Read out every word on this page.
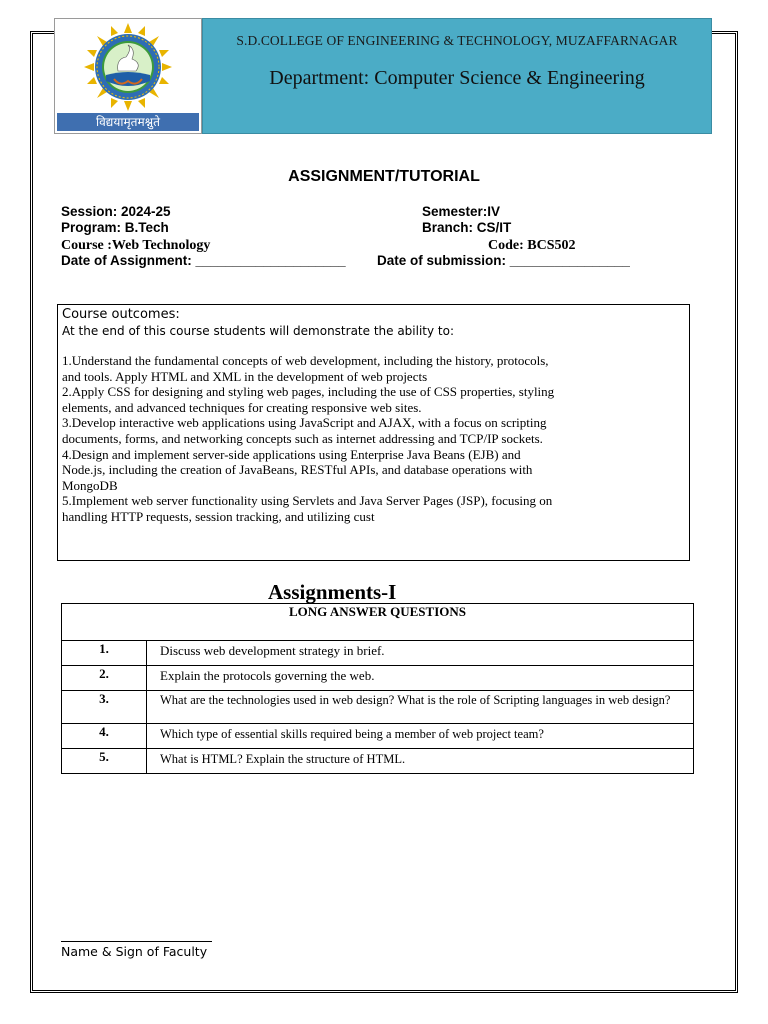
विद्ययामृतमश्नुते
S.D.COLLEGE OF ENGINEERING & TECHNOLOGY, MUZAFFARNAGAR
Department: Computer Science & Engineering
ASSIGNMENT/TUTORIAL
Session: 2024-25	Semester:IV
Program: B.Tech	Branch: CS/IT
Course :Web Technology	Code: BCS502
Date of Assignment: ____________________ Date of submission: ________________
Course outcomes:
At the end of this course students will demonstrate the ability to:
1.Understand the fundamental concepts of web development, including the history, protocols, and tools. Apply HTML and XML in the development of web projects
2.Apply CSS for designing and styling web pages, including the use of CSS properties, styling elements, and advanced techniques for creating responsive web sites.
3.Develop interactive web applications using JavaScript and AJAX, with a focus on scripting documents, forms, and networking concepts such as internet addressing and TCP/IP sockets.
4.Design and implement server-side applications using Enterprise Java Beans (EJB) and Node.js, including the creation of JavaBeans, RESTful APIs, and database operations with MongoDB
5.Implement web server functionality using Servlets and Java Server Pages (JSP), focusing on handling HTTP requests, session tracking, and utilizing cust
Assignments-I
LONG ANSWER QUESTIONS	
1.	Discuss web development strategy in brief.
2.	Explain the protocols governing the web.
3.	What are the technologies used in web design? What is the role of Scripting languages in web design?
4.	Which type of essential skills required being a member of web project team?
5.	What is HTML? Explain the structure of HTML.
Name & Sign of Faculty
